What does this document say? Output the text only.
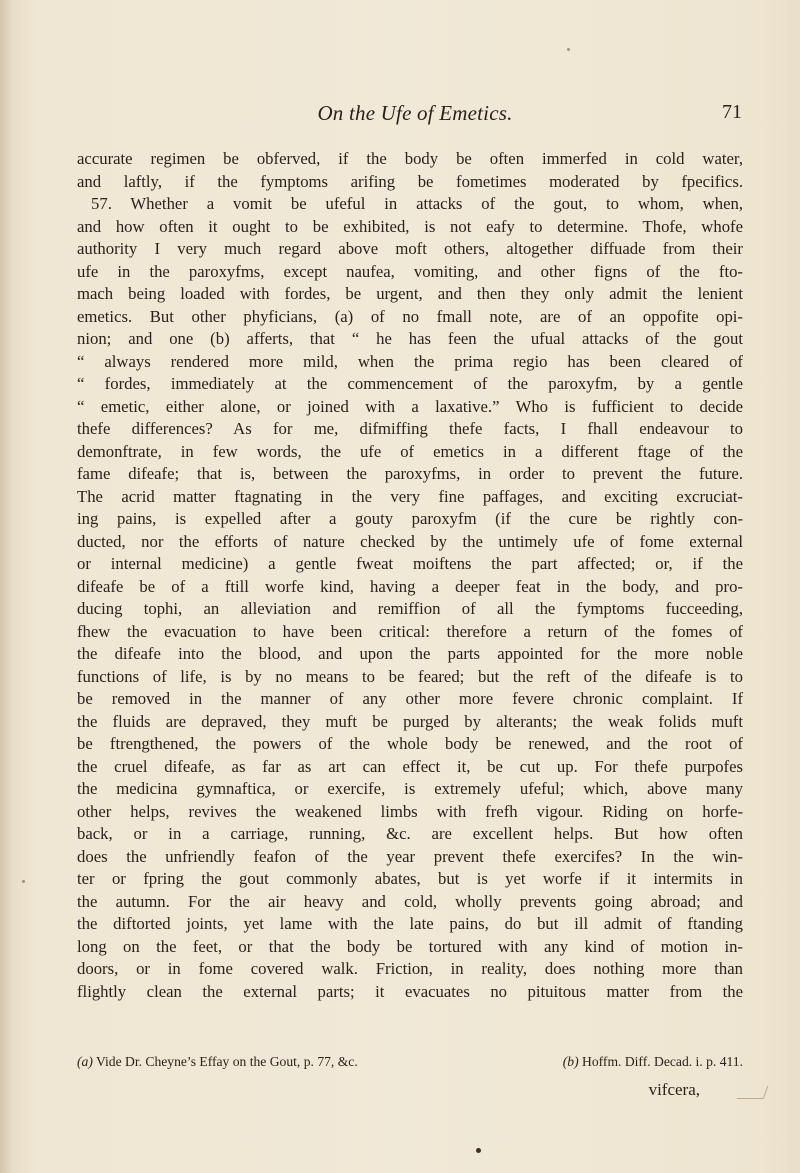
On the Ufe of Emetics.	71

accurate regimen be obferved, if the body be often immerfed in cold water,

and laftly, if the fymptoms arifing be fometimes moderated by fpecifics.

57. Whether a vomit be ufeful in attacks of the gout, to whom, when,

and how often it ought to be exhibited, is not eafy to determine. Thofe, whofe

authority I very much regard above moft others, altogether diffuade from their

ufe in the paroxyfms, except naufea, vomiting, and other figns of the fto-

mach being loaded with fordes, be urgent, and then they only admit the lenient

emetics. But other phyficians, (a) of no fmall note, are of an oppofite opi-

nion; and one (b) afferts, that “ he has feen the ufual attacks of the gout

“ always rendered more mild, when the prima regio has been cleared of

“ fordes, immediately at the commencement of the paroxyfm, by a gentle

“ emetic, either alone, or joined with a laxative.” Who is fufficient to decide

thefe differences? As for me, difmiffing thefe facts, I fhall endeavour to

demonftrate, in few words, the ufe of emetics in a different ftage of the

fame difeafe; that is, between the paroxyfms, in order to prevent the future.

The acrid matter ftagnating in the very fine paffages, and exciting excruciat-

ing pains, is expelled after a gouty paroxyfm (if the cure be rightly con-

ducted, nor the efforts of nature checked by the untimely ufe of fome external

or internal medicine) a gentle fweat moiftens the part affected; or, if the

difeafe be of a ftill worfe kind, having a deeper feat in the body, and pro-

ducing tophi, an alleviation and remiffion of all the fymptoms fucceeding,

fhew the evacuation to have been critical: therefore a return of the fomes of

the difeafe into the blood, and upon the parts appointed for the more noble

functions of life, is by no means to be feared; but the reft of the difeafe is to

be removed in the manner of any other more fevere chronic complaint. If

the fluids are depraved, they muft be purged by alterants; the weak folids muft

be ftrengthened, the powers of the whole body be renewed, and the root of

the cruel difeafe, as far as art can effect it, be cut up. For thefe purpofes

the medicina gymnaftica, or exercife, is extremely ufeful; which, above many

other helps, revives the weakened limbs with frefh vigour. Riding on horfe-

back, or in a carriage, running, &c. are excellent helps. But how often

does the unfriendly feafon of the year prevent thefe exercifes? In the win-

ter or fpring the gout commonly abates, but is yet worfe if it intermits in

the autumn. For the air heavy and cold, wholly prevents going abroad; and

the diftorted joints, yet lame with the late pains, do but ill admit of ftanding

long on the feet, or that the body be tortured with any kind of motion in-

doors, or in fome covered walk. Friction, in reality, does nothing more than

flightly clean the external parts; it evacuates no pituitous matter from the

(a) Vide Dr. Cheyne’s Effay on the Gout, p. 77, &c.	(b) Hoffm. Diff. Decad. i. p. 411.
vifcera,
